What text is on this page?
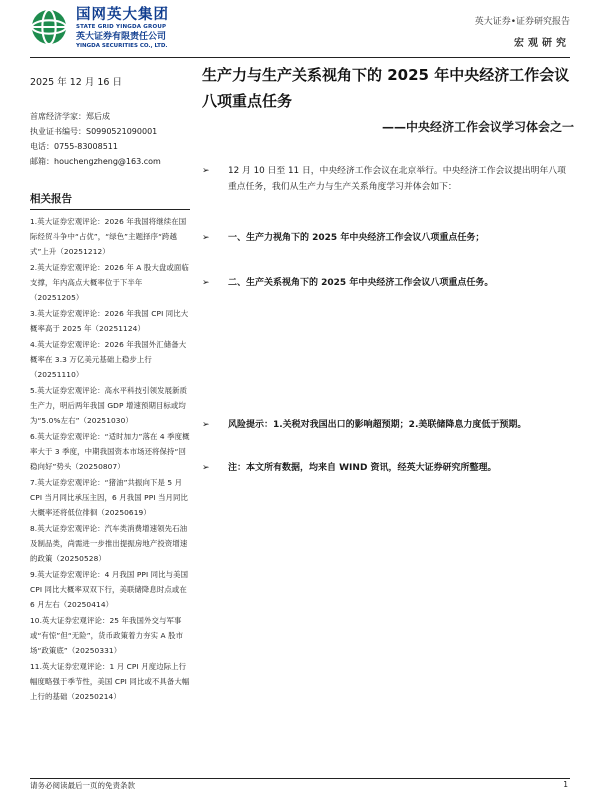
国网英大集团
STATE GRID YINGDA GROUP
英大证券有限责任公司
YINGDA SECURITIES CO., LTD.
英大证券•证券研究报告
宏观研究
2025 年 12 月 16 日
首席经济学家：郑后成
执业证书编号：S0990521090001
电话：0755-83008511
邮箱：houchengzheng@163.com
相关报告
1.英大证券宏观评论：2026 年我国将继续在国际经贸斗争中“占优”，“绿色”主题择序“跨越式”上升（20251212）
2.英大证券宏观评论：2026 年 A 股大盘或面临支撑，年内高点大概率位于下半年（20251205）
3.英大证券宏观评论：2026 年我国 CPI 同比大概率高于 2025 年（20251124）
4.英大证券宏观评论：2026 年我国外汇储备大概率在 3.3 万亿美元基础上稳步上行（20251110）
5.英大证券宏观评论：高水平科技引领发展新质生产力，明后两年我国 GDP 增速预期目标或均为“5.0%左右”（20251030）
6.英大证券宏观评论：“适时加力”落在 4 季度概率大于 3 季度，中期我国资本市场还将保持“回稳向好”势头（20250807）
7.英大证券宏观评论：“猪油”共振向下是 5 月 CPI 当月同比承压主因，6 月我国 PPI 当月同比大概率还将低位徘徊（20250619）
8.英大证券宏观评论：汽车类消费增速领先石油及制品类，尚需进一步推出提振房地产投资增速的政策（20250528）
9.英大证券宏观评论：4 月我国 PPI 同比与美国 CPI 同比大概率双双下行，美联储降息时点或在 6 月左右（20250414）
10.英大证券宏观评论：25 年我国外交与军事或“有惊”但“无险”，货币政策着力夯实 A 股市场“政策底”（20250331）
11.英大证券宏观评论：1 月 CPI 月度边际上行幅度略强于季节性，美国 CPI 同比或不具备大幅上行的基础（20250214）
生产力与生产关系视角下的 2025 年中央经济工作会议八项重点任务
——中央经济工作会议学习体会之一
➢ 12 月 10 日至 11 日，中央经济工作会议在北京举行。中央经济工作会议提出明年八项重点任务，我们从生产力与生产关系角度学习并体会如下：
➢ 一、生产力视角下的 2025 年中央经济工作会议八项重点任务；
➢ 二、生产关系视角下的 2025 年中央经济工作会议八项重点任务。
➢ 风险提示：1.关税对我国出口的影响超预期；2.美联储降息力度低于预期。
➢ 注：本文所有数据，均来自 WIND 资讯，经英大证券研究所整理。
请务必阅读最后一页的免责条款	1
